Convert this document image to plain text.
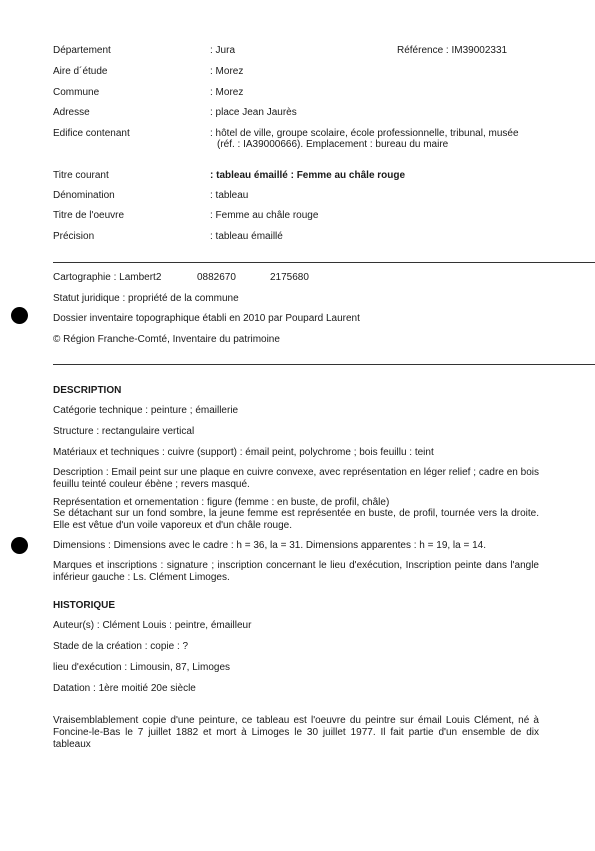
Département	: Jura	Référence : IM39002331
Aire d´étude	: Morez
Commune	: Morez
Adresse	: place Jean Jaurès
Edifice contenant	: hôtel de ville, groupe scolaire, école professionnelle, tribunal, musée
(réf. : IA39000666). Emplacement : bureau du maire
Titre courant	: tableau émaillé : Femme au châle rouge
Dénomination	: tableau
Titre de l'oeuvre	: Femme au châle rouge
Précision	: tableau émaillé
Cartographie : Lambert2	0882670	2175680
Statut juridique : propriété de la commune
Dossier inventaire topographique établi en 2010 par Poupard Laurent
© Région Franche-Comté, Inventaire du patrimoine
DESCRIPTION
Catégorie technique : peinture ; émaillerie
Structure : rectangulaire vertical
Matériaux et techniques : cuivre (support) : émail peint, polychrome ; bois feuillu : teint
Description : Email peint sur une plaque en cuivre convexe, avec représentation en léger relief ; cadre en bois feuillu teinté couleur ébène ; revers masqué.
Représentation et ornementation : figure (femme : en buste, de profil, châle)
Se détachant sur un fond sombre, la jeune femme est représentée en buste, de profil, tournée vers la droite. Elle est vêtue d'un voile vaporeux et d'un châle rouge.
Dimensions : Dimensions avec le cadre : h = 36, la = 31. Dimensions apparentes : h = 19, la = 14.
Marques et inscriptions : signature ; inscription concernant le lieu d'exécution, Inscription peinte dans l'angle inférieur gauche : Ls. Clément Limoges.
HISTORIQUE
Auteur(s) : Clément Louis : peintre, émailleur
Stade de la création : copie : ?
lieu d'exécution : Limousin, 87, Limoges
Datation : 1ère moitié 20e siècle
Vraisemblablement copie d'une peinture, ce tableau est l'oeuvre du peintre sur émail Louis Clément, né à Foncine-le-Bas le 7 juillet 1882 et mort à Limoges le 30 juillet 1977. Il fait partie d'un ensemble de dix tableaux
